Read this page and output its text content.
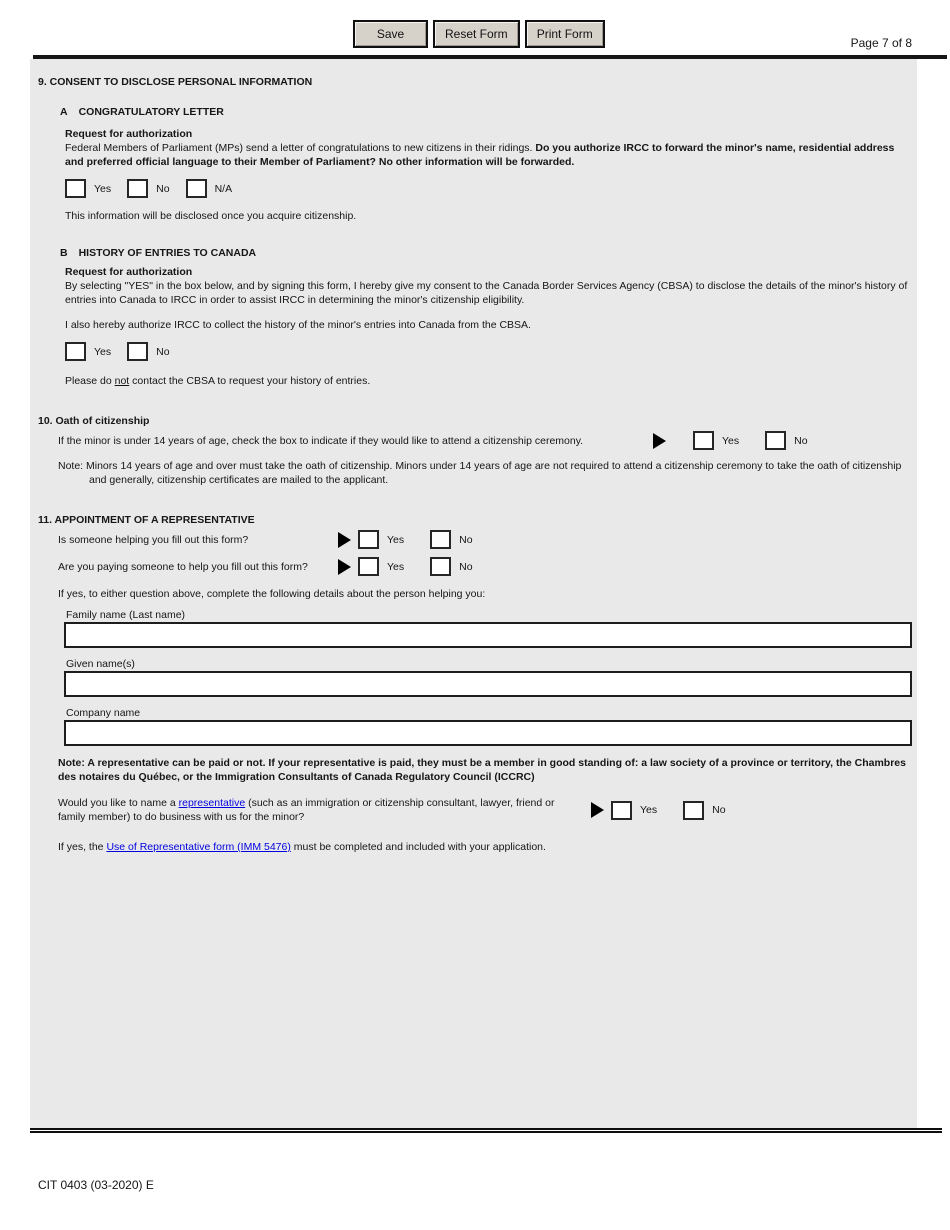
Save	Reset Form	Print Form
Page 7 of 8
9. CONSENT TO DISCLOSE PERSONAL INFORMATION
A CONGRATULATORY LETTER
Request for authorization
Federal Members of Parliament (MPs) send a letter of congratulations to new citizens in their ridings. Do you authorize IRCC to forward the minor's name, residential address and preferred official language to their Member of Parliament? No other information will be forwarded.
Yes	No	N/A
This information will be disclosed once you acquire citizenship.
B HISTORY OF ENTRIES TO CANADA
Request for authorization
By selecting "YES" in the box below, and by signing this form, I hereby give my consent to the Canada Border Services Agency (CBSA) to disclose the details of the minor's history of entries into Canada to IRCC in order to assist IRCC in determining the minor's citizenship eligibility.
I also hereby authorize IRCC to collect the history of the minor's entries into Canada from the CBSA.
Yes	No
Please do not contact the CBSA to request your history of entries.
10. Oath of citizenship
If the minor is under 14 years of age, check the box to indicate if they would like to attend a citizenship ceremony.	Yes	No
Note: Minors 14 years of age and over must take the oath of citizenship. Minors under 14 years of age are not required to attend a citizenship ceremony to take the oath of citizenship and generally, citizenship certificates are mailed to the applicant.
11. APPOINTMENT OF A REPRESENTATIVE
Is someone helping you fill out this form?	Yes	No
Are you paying someone to help you fill out this form?	Yes	No
If yes, to either question above, complete the following details about the person helping you:
Family name (Last name)
Given name(s)
Company name
Note: A representative can be paid or not. If your representative is paid, they must be a member in good standing of: a law society of a province or territory, the Chambres des notaires du Québec, or the Immigration Consultants of Canada Regulatory Council (ICCRC)
Would you like to name a representative (such as an immigration or citizenship consultant, lawyer, friend or family member) to do business with us for the minor?
Yes	No
If yes, the Use of Representative form (IMM 5476) must be completed and included with your application.
CIT 0403 (03-2020) E
